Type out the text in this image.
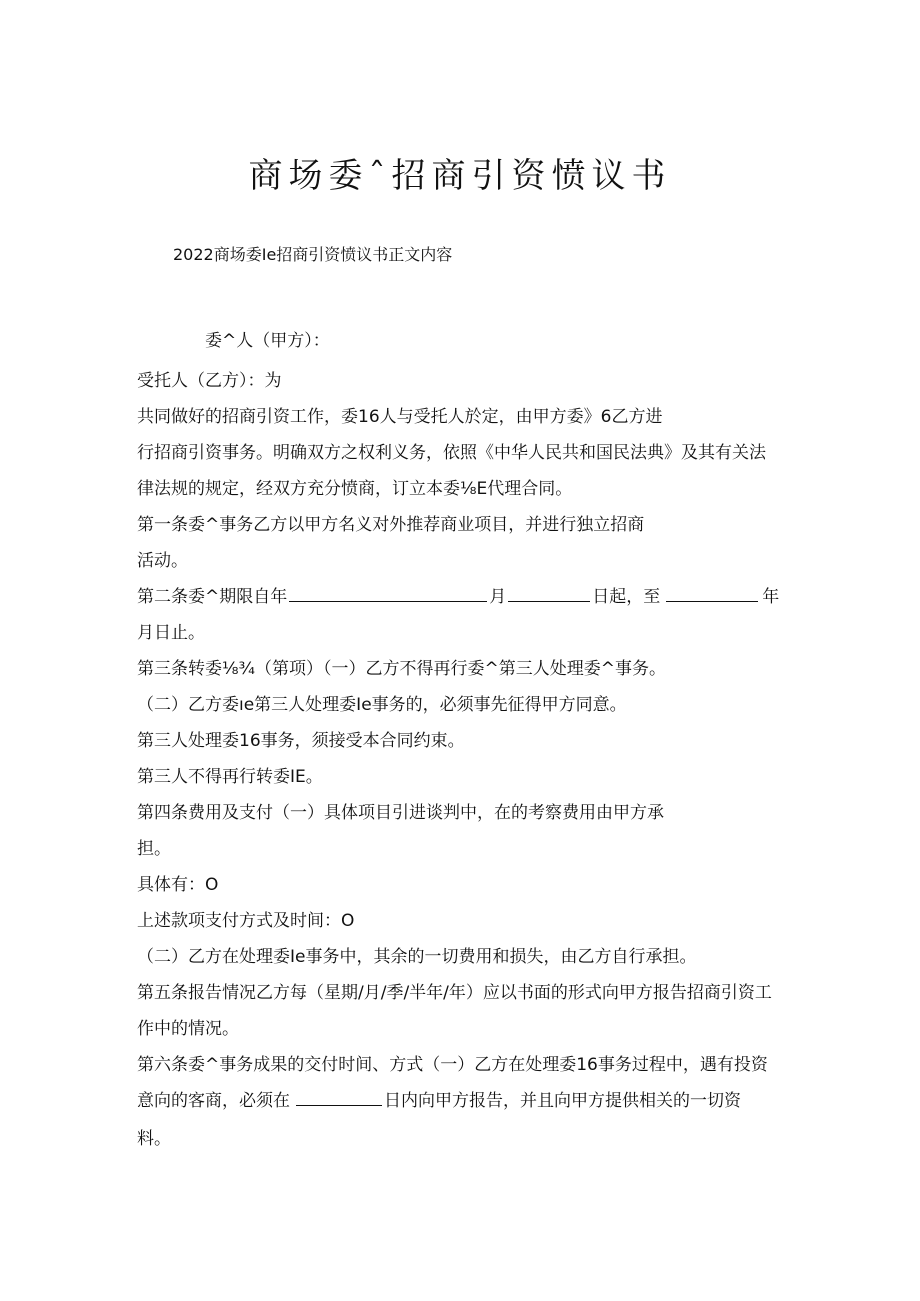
商场委ˆ招商引资愤议书

2022商场委Ie招商引资愤议书正文内容

委^人（甲方）：

受托人（乙方）：为

共同做好的招商引资工作，委16人与受托人於定，由甲方委》6乙方进

行招商引资事务。明确双方之权利义务，依照《中华人民共和国民法典》及其有关法

律法规的规定，经双方充分愤商，订立本委⅛E代理合同。

第一条委^事务乙方以甲方名义对外推荐商业项目，并进行独立招商

活动。

第二条委^期限自年	月	日起，至	年

月日止。

第三条转委⅛¾（第项）（一）乙方不得再行委^第三人处理委^事务。

（二）乙方委ıe第三人处理委Ie事务的，必须事先征得甲方同意。

第三人处理委16事务，须接受本合同约束。

第三人不得再行转委IE。

第四条费用及支付（一）具体项目引进谈判中，在的考察费用由甲方承

担。

具体有：O

上述款项支付方式及时间：O

（二）乙方在处理委Ie事务中，其余的一切费用和损失，由乙方自行承担。

第五条报告情况乙方每（星期/月/季/半年/年）应以书面的形式向甲方报告招商引资工

作中的情况。

第六条委^事务成果的交付时间、方式（一）乙方在处理委16事务过程中，遇有投资

意向的客商，必须在	日内向甲方报告，并且向甲方提供相关的一切资

料。
